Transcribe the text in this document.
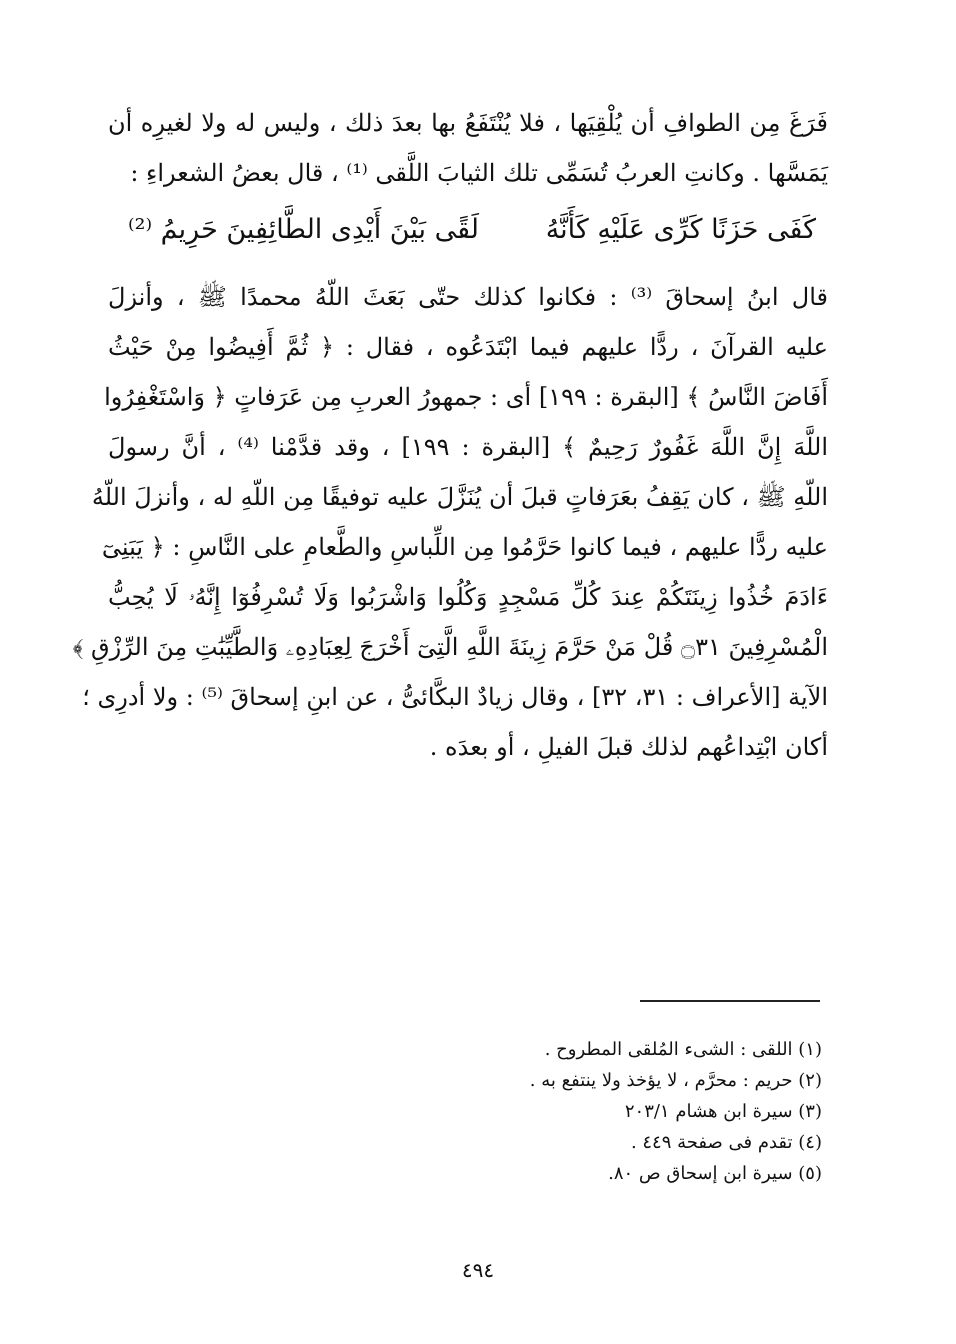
فَرَغَ مِن الطوافِ أن يُلْقِيَها ، فلا يُنْتَفَعُ بها بعدَ ذلك ، وليس له ولا لغيرِه أن
يَمَسَّها . وكانتِ العربُ تُسَمِّى تلك الثيابَ اللَّقى ⁽¹⁾ ، قال بعضُ الشعراءِ :
كَفَى حَزَنًا كَرِّى عَلَيْهِ كَأَنَّهُ
لَقًى بَيْنَ أَيْدِى الطَّائِفِينَ حَرِيمُ ⁽²⁾
قال ابنُ إسحاقَ ⁽³⁾ : فكانوا كذلك حتّى بَعَثَ اللّهُ محمدًا ﷺ ، وأنزلَ
عليه القرآنَ ، ردًّا عليهم فيما ابْتَدَعُوه ، فقال : ﴿ ثُمَّ أَفِيضُوا مِنْ حَيْثُ
أَفَاضَ النَّاسُ ﴾ [البقرة : ١٩٩] أى : جمهورُ العربِ مِن عَرَفاتٍ ﴿ وَاسْتَغْفِرُوا
اللَّهَ إِنَّ اللَّهَ غَفُورٌ رَحِيمٌ ﴾ [البقرة : ١٩٩] ، وقد قدَّمْنا ⁽⁴⁾ ، أنَّ رسولَ
اللّهِ ﷺ ، كان يَقِفُ بعَرَفاتٍ قبلَ أن يُنَزَّلَ عليه توفيقًا مِن اللّهِ له ، وأنزلَ اللّهُ
عليه ردًّا عليهم ، فيما كانوا حَرَّمُوا مِن اللِّباسِ والطَّعامِ على النَّاسِ : ﴿ يَبَنِىٓ
ءَادَمَ خُذُوا زِينَتَكُمْ عِندَ كُلِّ مَسْجِدٍ وَكُلُوا وَاشْرَبُوا وَلَا تُسْرِفُوٓا إِنَّهُۥ لَا يُحِبُّ
الْمُسْرِفِينَ ۝٣١ قُلْ مَنْ حَرَّمَ زِينَةَ اللَّهِ الَّتِىٓ أَخْرَجَ لِعِبَادِهِۦ وَالطَّيِّبَٰتِ مِنَ الرِّزْقِ ﴾
الآية [الأعراف : ٣١، ٣٢] ، وقال زيادٌ البكَّائىُّ ، عن ابنِ إسحاقَ ⁽⁵⁾ : ولا أدرِى ؛
أكان ابْتِداعُهم لذلك قبلَ الفيلِ ، أو بعدَه .
(١) اللقى : الشىء المُلقى المطروح .
(٢) حريم : محرَّم ، لا يؤخذ ولا ينتفع به .
(٣) سيرة ابن هشام ٢٠٣/١
(٤) تقدم فى صفحة ٤٤٩ .
(٥) سيرة ابن إسحاق ص ٨٠.
٤٩٤
